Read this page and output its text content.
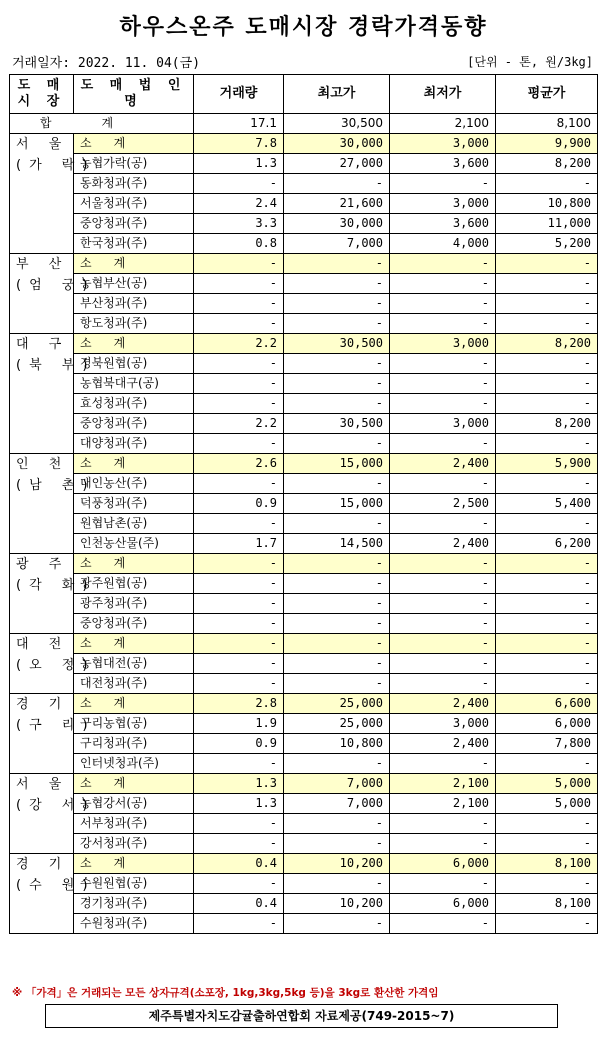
하우스온주 도매시장 경락가격동향
거래일자: 2022. 11. 04(금)	[단위 - 톤, 원/3kg]
도 매 시 장	도 매 법 인 명	거래량	최고가	최저가	평균가
합계		17.1	30,500	2,100	8,100
서 울
(가 락)	소계	7.8	30,000	3,000	9,900
	농협가락(공)	1.3	27,000	3,600	8,200
	동화청과(주)	-	-	-	-
	서울청과(주)	2.4	21,600	3,000	10,800
	중앙청과(주)	3.3	30,000	3,600	11,000
	한국청과(주)	0.8	7,000	4,000	5,200
부 산
(엄 궁)	소계	-	-	-	-
	농협부산(공)	-	-	-	-
	부산청과(주)	-	-	-	-
	항도청과(주)	-	-	-	-
대 구
(북 부)	소계	2.2	30,500	3,000	8,200
	경북원협(공)	-	-	-	-
	농협북대구(공)	-	-	-	-
	효성청과(주)	-	-	-	-
	중앙청과(주)	2.2	30,500	3,000	8,200
	대양청과(주)	-	-	-	-
인 천
(남 촌)	소계	2.6	15,000	2,400	5,900
	대인농산(주)	-	-	-	-
	덕풍청과(주)	0.9	15,000	2,500	5,400
	원협남촌(공)	-	-	-	-
	인천농산물(주)	1.7	14,500	2,400	6,200
광 주
(각 화)	소계	-	-	-	-
	광주원협(공)	-	-	-	-
	광주청과(주)	-	-	-	-
	중앙청과(주)	-	-	-	-
대 전
(오 정)	소계	-	-	-	-
	농협대전(공)	-	-	-	-
	대전청과(주)	-	-	-	-
경 기
(구 리)	소계	2.8	25,000	2,400	6,600
	구리농협(공)	1.9	25,000	3,000	6,000
	구리청과(주)	0.9	10,800	2,400	7,800
	인터넷청과(주)	-	-	-	-
서 울
(강 서)	소계	1.3	7,000	2,100	5,000
	농협강서(공)	1.3	7,000	2,100	5,000
	서부청과(주)	-	-	-	-
	강서청과(주)	-	-	-	-
경 기
(수 원)	소계	0.4	10,200	6,000	8,100
	수원원협(공)	-	-	-	-
	경기청과(주)	0.4	10,200	6,000	8,100
	수원청과(주)	-	-	-	-
※ 「가격」은 거래되는 모든 상자규격(소포장, 1kg,3kg,5kg 등)을 3kg로 환산한 가격임
제주특별자치도감귤출하연합회 자료제공(749-2015~7)
